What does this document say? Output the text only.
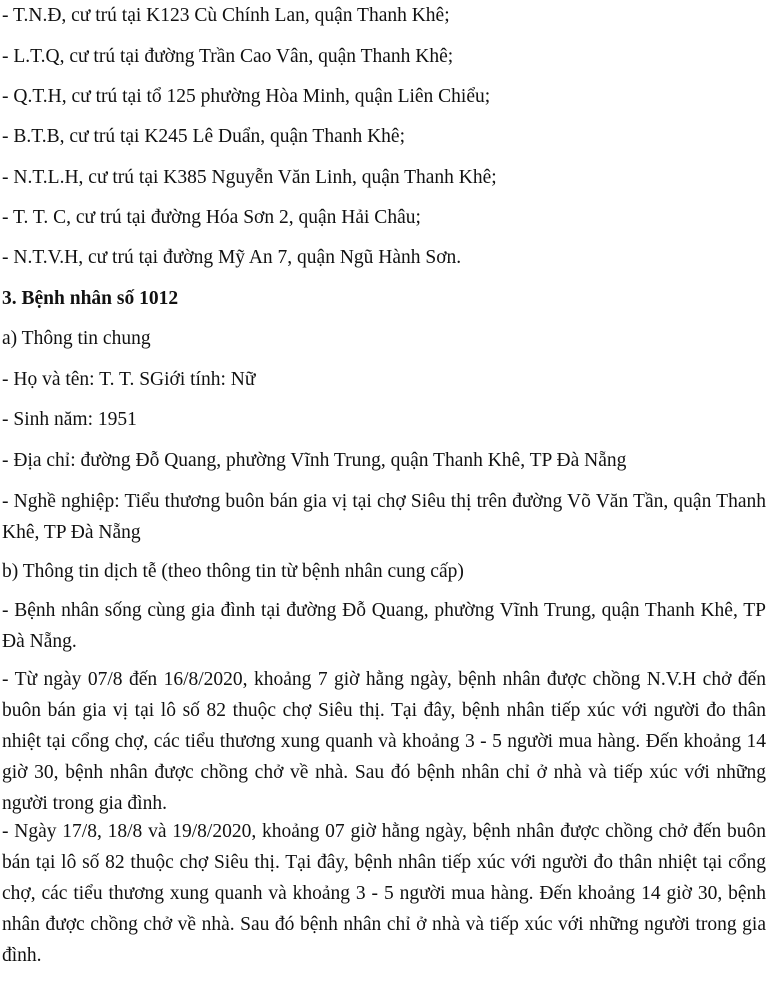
- T.N.Đ, cư trú tại K123 Cù Chính Lan, quận Thanh Khê;
- L.T.Q, cư trú tại đường Trần Cao Vân, quận Thanh Khê;
- Q.T.H, cư trú tại tổ 125 phường Hòa Minh, quận Liên Chiểu;
- B.T.B, cư trú tại K245 Lê Duẩn, quận Thanh Khê;
- N.T.L.H, cư trú tại K385 Nguyễn Văn Linh, quận Thanh Khê;
- T. T. C, cư trú tại đường Hóa Sơn 2, quận Hải Châu;
- N.T.V.H, cư trú tại đường Mỹ An 7, quận Ngũ Hành Sơn.
3. Bệnh nhân số 1012
a) Thông tin chung
- Họ và tên: T. T. SGiới tính: Nữ
- Sinh năm: 1951
- Địa chỉ: đường Đỗ Quang, phường Vĩnh Trung, quận Thanh Khê, TP Đà Nẵng
- Nghề nghiệp: Tiểu thương buôn bán gia vị tại chợ Siêu thị trên đường Võ Văn Tần, quận Thanh Khê, TP Đà Nẵng
b) Thông tin dịch tễ (theo thông tin từ bệnh nhân cung cấp)
- Bệnh nhân sống cùng gia đình tại đường Đỗ Quang, phường Vĩnh Trung, quận Thanh Khê, TP Đà Nẵng.
- Từ ngày 07/8 đến 16/8/2020, khoảng 7 giờ hằng ngày, bệnh nhân được chồng N.V.H chở đến buôn bán gia vị tại lô số 82 thuộc chợ Siêu thị. Tại đây, bệnh nhân tiếp xúc với người đo thân nhiệt tại cổng chợ, các tiểu thương xung quanh và khoảng 3 - 5 người mua hàng. Đến khoảng 14 giờ 30, bệnh nhân được chồng chở về nhà. Sau đó bệnh nhân chỉ ở nhà và tiếp xúc với những người trong gia đình.
- Ngày 17/8, 18/8 và 19/8/2020, khoảng 07 giờ hằng ngày, bệnh nhân được chồng chở đến buôn bán tại lô số 82 thuộc chợ Siêu thị. Tại đây, bệnh nhân tiếp xúc với người đo thân nhiệt tại cổng chợ, các tiểu thương xung quanh và khoảng 3 - 5 người mua hàng. Đến khoảng 14 giờ 30, bệnh nhân được chồng chở về nhà. Sau đó bệnh nhân chỉ ở nhà và tiếp xúc với những người trong gia đình.
